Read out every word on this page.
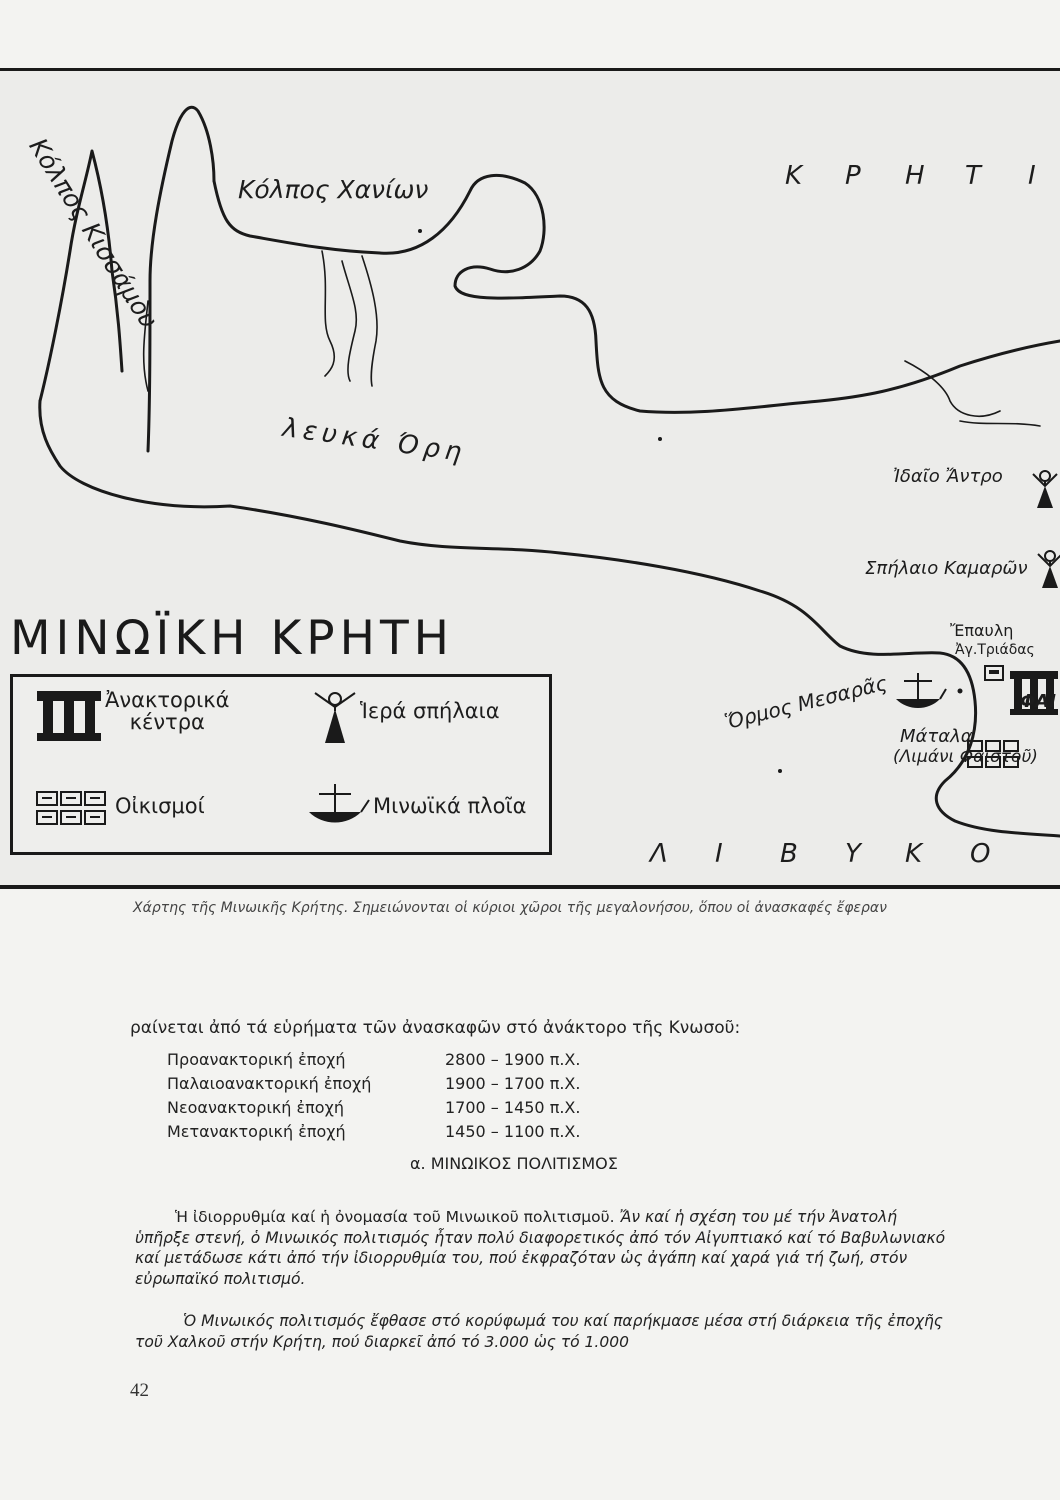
Κόλπος Κισσάμου	Κόλπος Χανίων	Κ Ρ Η Τ Ι
λευκά Όρη
Ἰδαῖο Ἄντρο
Σπήλαιο Καμαρῶν
Ἔπαυλη
Ἀγ.Τριάδας
Ὅρμος Μεσαρᾶς
Μάταλα
(Λιμάνι Φαιστοῦ)
ΦΑΙ
Λ Ι Β Υ Κ Ο
ΜΙΝΩΪΚΗ ΚΡΗΤΗ
Ἀνακτορικά
κέντρα	Ἱερά σπήλαια
Οἰκισμοί	Μινωϊκά πλοῖα
Χάρτης τῆς Μινωικῆς Κρήτης. Σημειώνονται οἱ κύριοι χῶροι τῆς μεγαλονήσου, ὅπου οἱ ἀνασκαφές ἔφεραν
ραίνεται ἀπό τά εὑρήματα τῶν ἀνασκαφῶν στό ἀνάκτορο τῆς Κνωσοῦ:
Προανακτορική ἐποχή	2800 – 1900 π.Χ.
Παλαιοανακτορική ἐποχή	1900 – 1700 π.Χ.
Νεοανακτορική ἐποχή	1700 – 1450 π.Χ.
Μετανακτορική ἐποχή	1450 – 1100 π.Χ.
α. ΜΙΝΩΙΚΟΣ ΠΟΛΙΤΙΣΜΟΣ

Ἡ ἰδιορρυθμία καί ἡ ὀνομασία τοῦ Μινωικοῦ πολιτισμοῦ. Ἄν καί ἡ σχέση του μέ τήν Ἀνατολή ὑπῆρξε στενή, ὁ Μινωικός πολιτισμός ἦταν πολύ διαφορετικός ἀπό τόν Αἰγυπτιακό καί τό Βαβυλωνιακό καί μετάδωσε κάτι ἀπό τήν ἰδιορρυθμία του, πού ἐκφραζόταν ὡς ἀγάπη καί χαρά γιά τή ζωή, στόν εὐρωπαϊκό πολιτισμό.

Ὁ Μινωικός πολιτισμός ἔφθασε στό κορύφωμά του καί παρήκμασε μέσα στή διάρκεια τῆς ἐποχῆς τοῦ Χαλκοῦ στήν Κρήτη, πού διαρκεῖ ἀπό τό 3.000 ὡς τό 1.000

42
